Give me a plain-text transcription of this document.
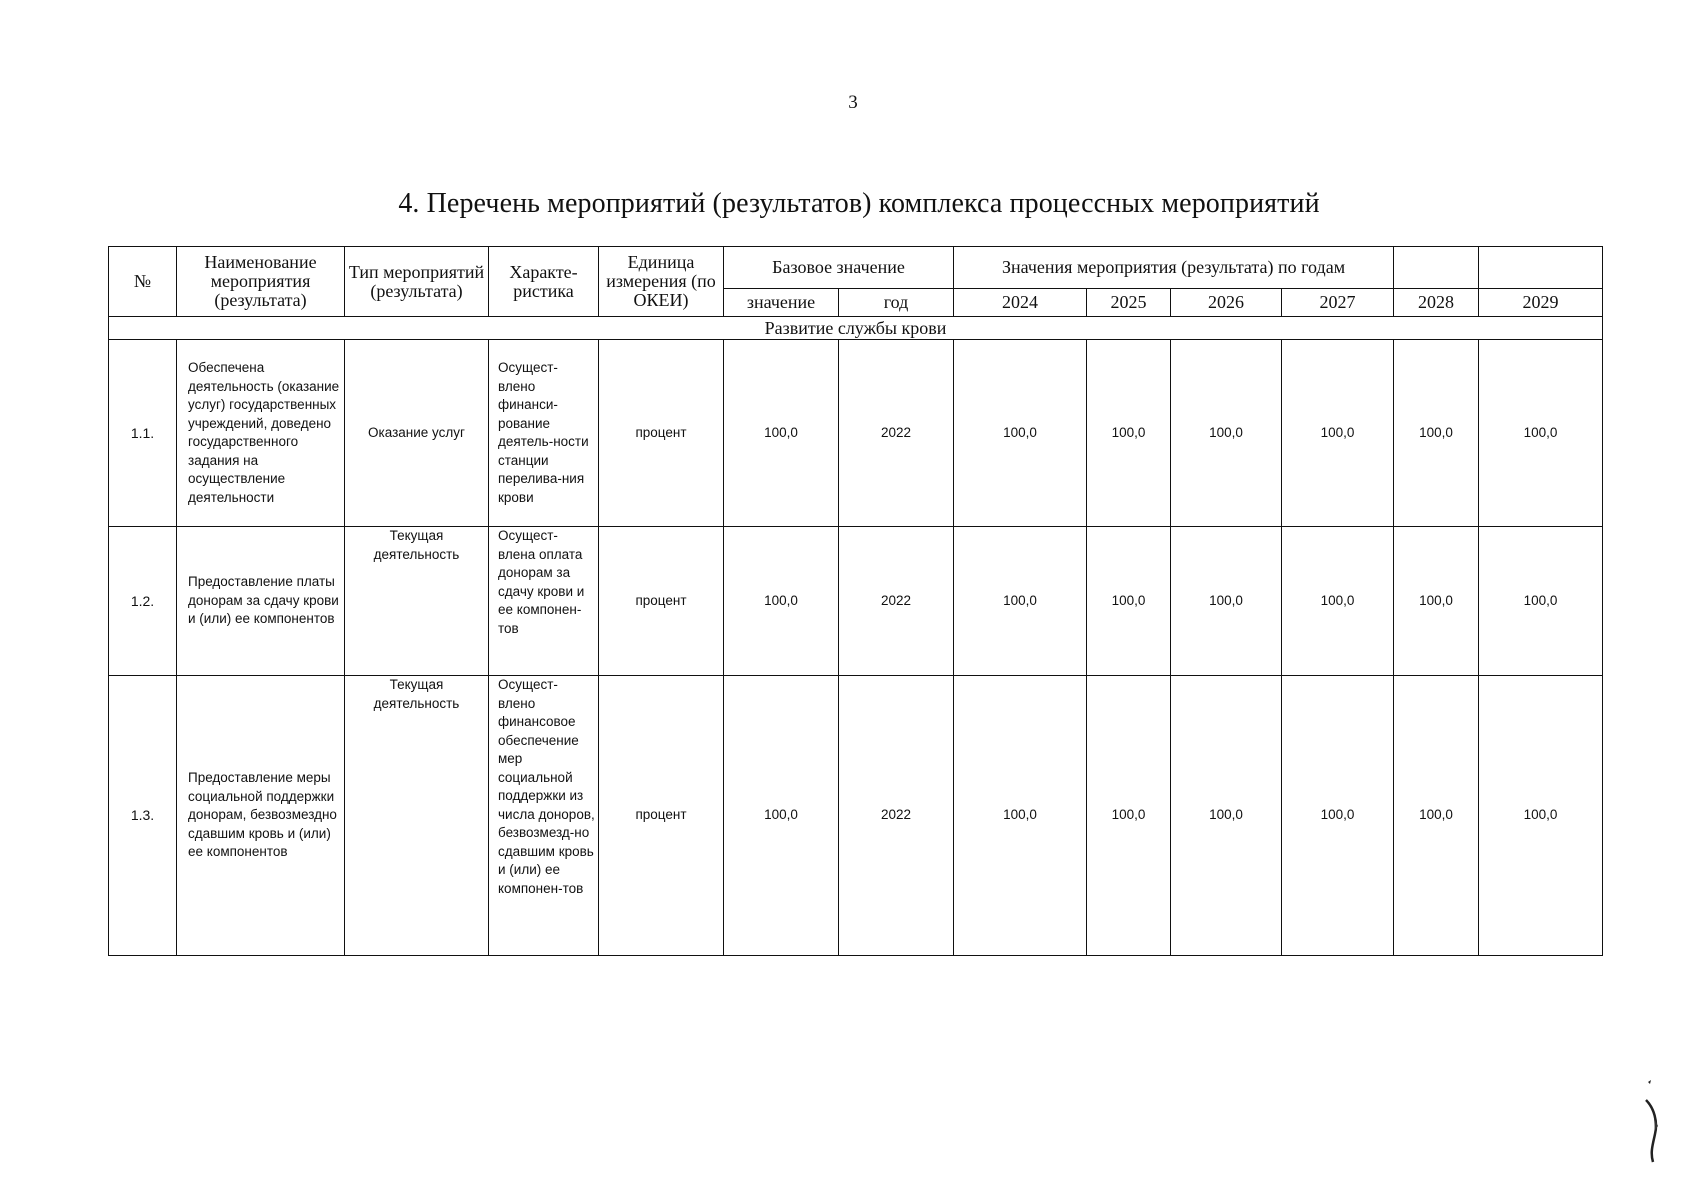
3
4. Перечень мероприятий (результатов) комплекса процессных мероприятий
№	Наименование мероприятия (результата)	Тип мероприятий (результата)	Характе-ристика	Единица измерения (по ОКЕИ)	Базовое значение		Значения мероприятия (результата) по годам					
					значение	год	2024	2025	2026	2027	2028	2029
Развитие службы крови												
1.1.	Обеспечена деятельность (оказание услуг) государственных учреждений, доведено государственного задания на осуществление деятельности	Оказание услуг	Осущест-влено финанси-рование деятель-ности станции перелива-ния крови	процент	100,0	2022	100,0	100,0	100,0	100,0	100,0	100,0
1.2.	Предоставление платы донорам за сдачу крови и (или) ее компонентов	Текущая деятельность	Осущест-влена оплата донорам за сдачу крови и ее компонен-тов	процент	100,0	2022	100,0	100,0	100,0	100,0	100,0	100,0
1.3.	Предоставление меры социальной поддержки донорам, безвозмездно сдавшим кровь и (или) ее компонентов	Текущая деятельность	Осущест-влено финансовое обеспечение мер социальной поддержки из числа доноров, безвозмезд-но сдавшим кровь и (или) ее компонен-тов	процент	100,0	2022	100,0	100,0	100,0	100,0	100,0	100,0
